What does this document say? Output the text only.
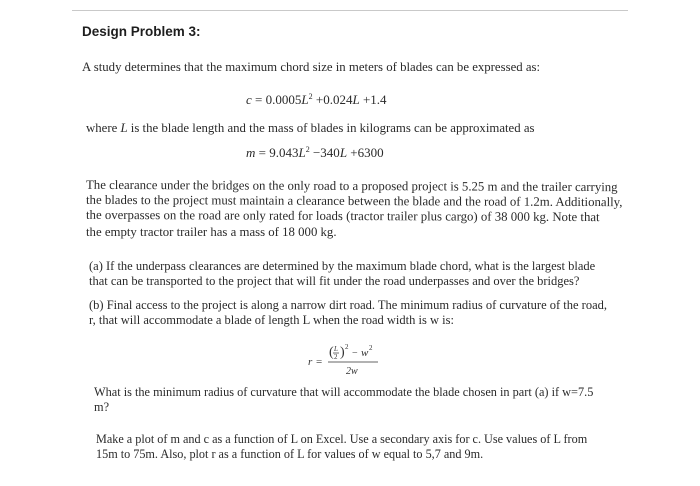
Design Problem 3:
A study determines that the maximum chord size in meters of blades can be expressed as:
$c = 0.0005L^2 +0.024L +1.4$
where L is the blade length and the mass of blades in kilograms can be approximated as
$m = 9.043L^2 -340L +6300$
The clearance under the bridges on the only road to a proposed project is 5.25 m and the trailer carrying
the blades to the project must maintain a clearance between the blade and the road of 1.2m. Additionally,
the overpasses on the road are only rated for loads (tractor trailer plus cargo) of 38 000 kg. Note that
the empty tractor trailer has a mass of 18 000 kg.
(a) If the underpass clearances are determined by the maximum blade chord, what is the largest blade
that can be transported to the project that will fit under the road underpasses and over the bridges?
(b) Final access to the project is along a narrow dirt road. The minimum radius of curvature of the road,
r, that will accommodate a blade of length L when the road width is w is:
r =
( L
2 ) 2
− w 2
2w
What is the minimum radius of curvature that will accommodate the blade chosen in part (a) if w=7.5
m?
Make a plot of m and c as a function of L on Excel. Use a secondary axis for c. Use values of L from
15m to 75m. Also, plot r as a function of L for values of w equal to 5,7 and 9m.
